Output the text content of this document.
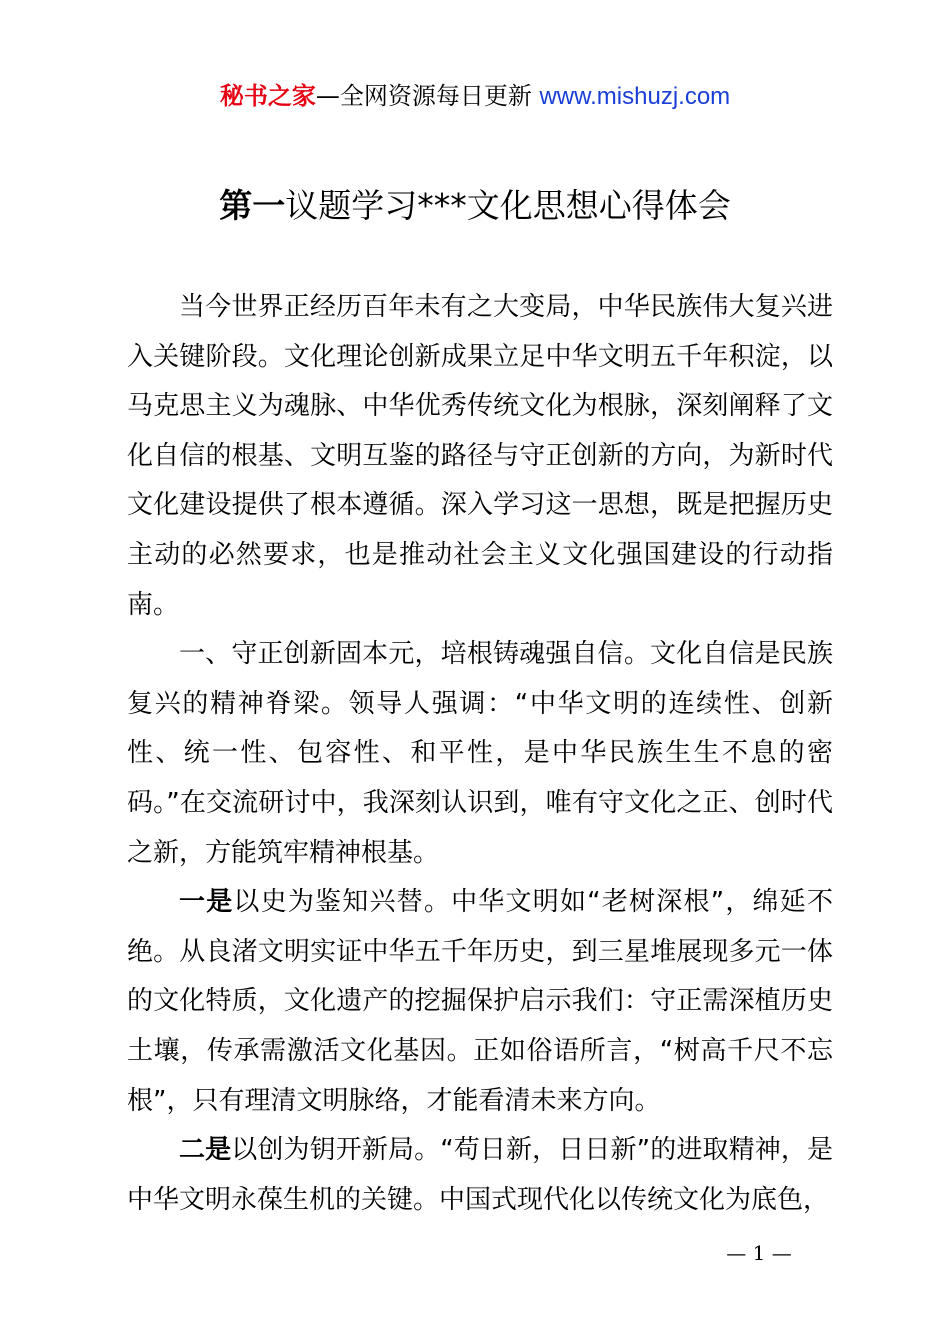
秘书之家—全网资源每日更新 www.mishuzj.com
第一议题学习***文化思想心得体会

当今世界正经历百年未有之大变局，中华民族伟大复兴进入关键阶段。文化理论创新成果立足中华文明五千年积淀，以马克思主义为魂脉、中华优秀传统文化为根脉，深刻阐释了文化自信的根基、文明互鉴的路径与守正创新的方向，为新时代文化建设提供了根本遵循。深入学习这一思想，既是把握历史主动的必然要求，也是推动社会主义文化强国建设的行动指南。

一、守正创新固本元，培根铸魂强自信。文化自信是民族复兴的精神脊梁。领导人强调：“中华文明的连续性、创新性、统一性、包容性、和平性，是中华民族生生不息的密码。”在交流研讨中，我深刻认识到，唯有守文化之正、创时代之新，方能筑牢精神根基。

一是以史为鉴知兴替。中华文明如“老树深根”，绵延不绝。从良渚文明实证中华五千年历史，到三星堆展现多元一体的文化特质，文化遗产的挖掘保护启示我们：守正需深植历史土壤，传承需激活文化基因。正如俗语所言，“树高千尺不忘根”，只有理清文明脉络，才能看清未来方向。

二是以创为钥开新局。“苟日新，日日新”的进取精神，是中华文明永葆生机的关键。中国式现代化以传统文化为底色，

— 1 —
